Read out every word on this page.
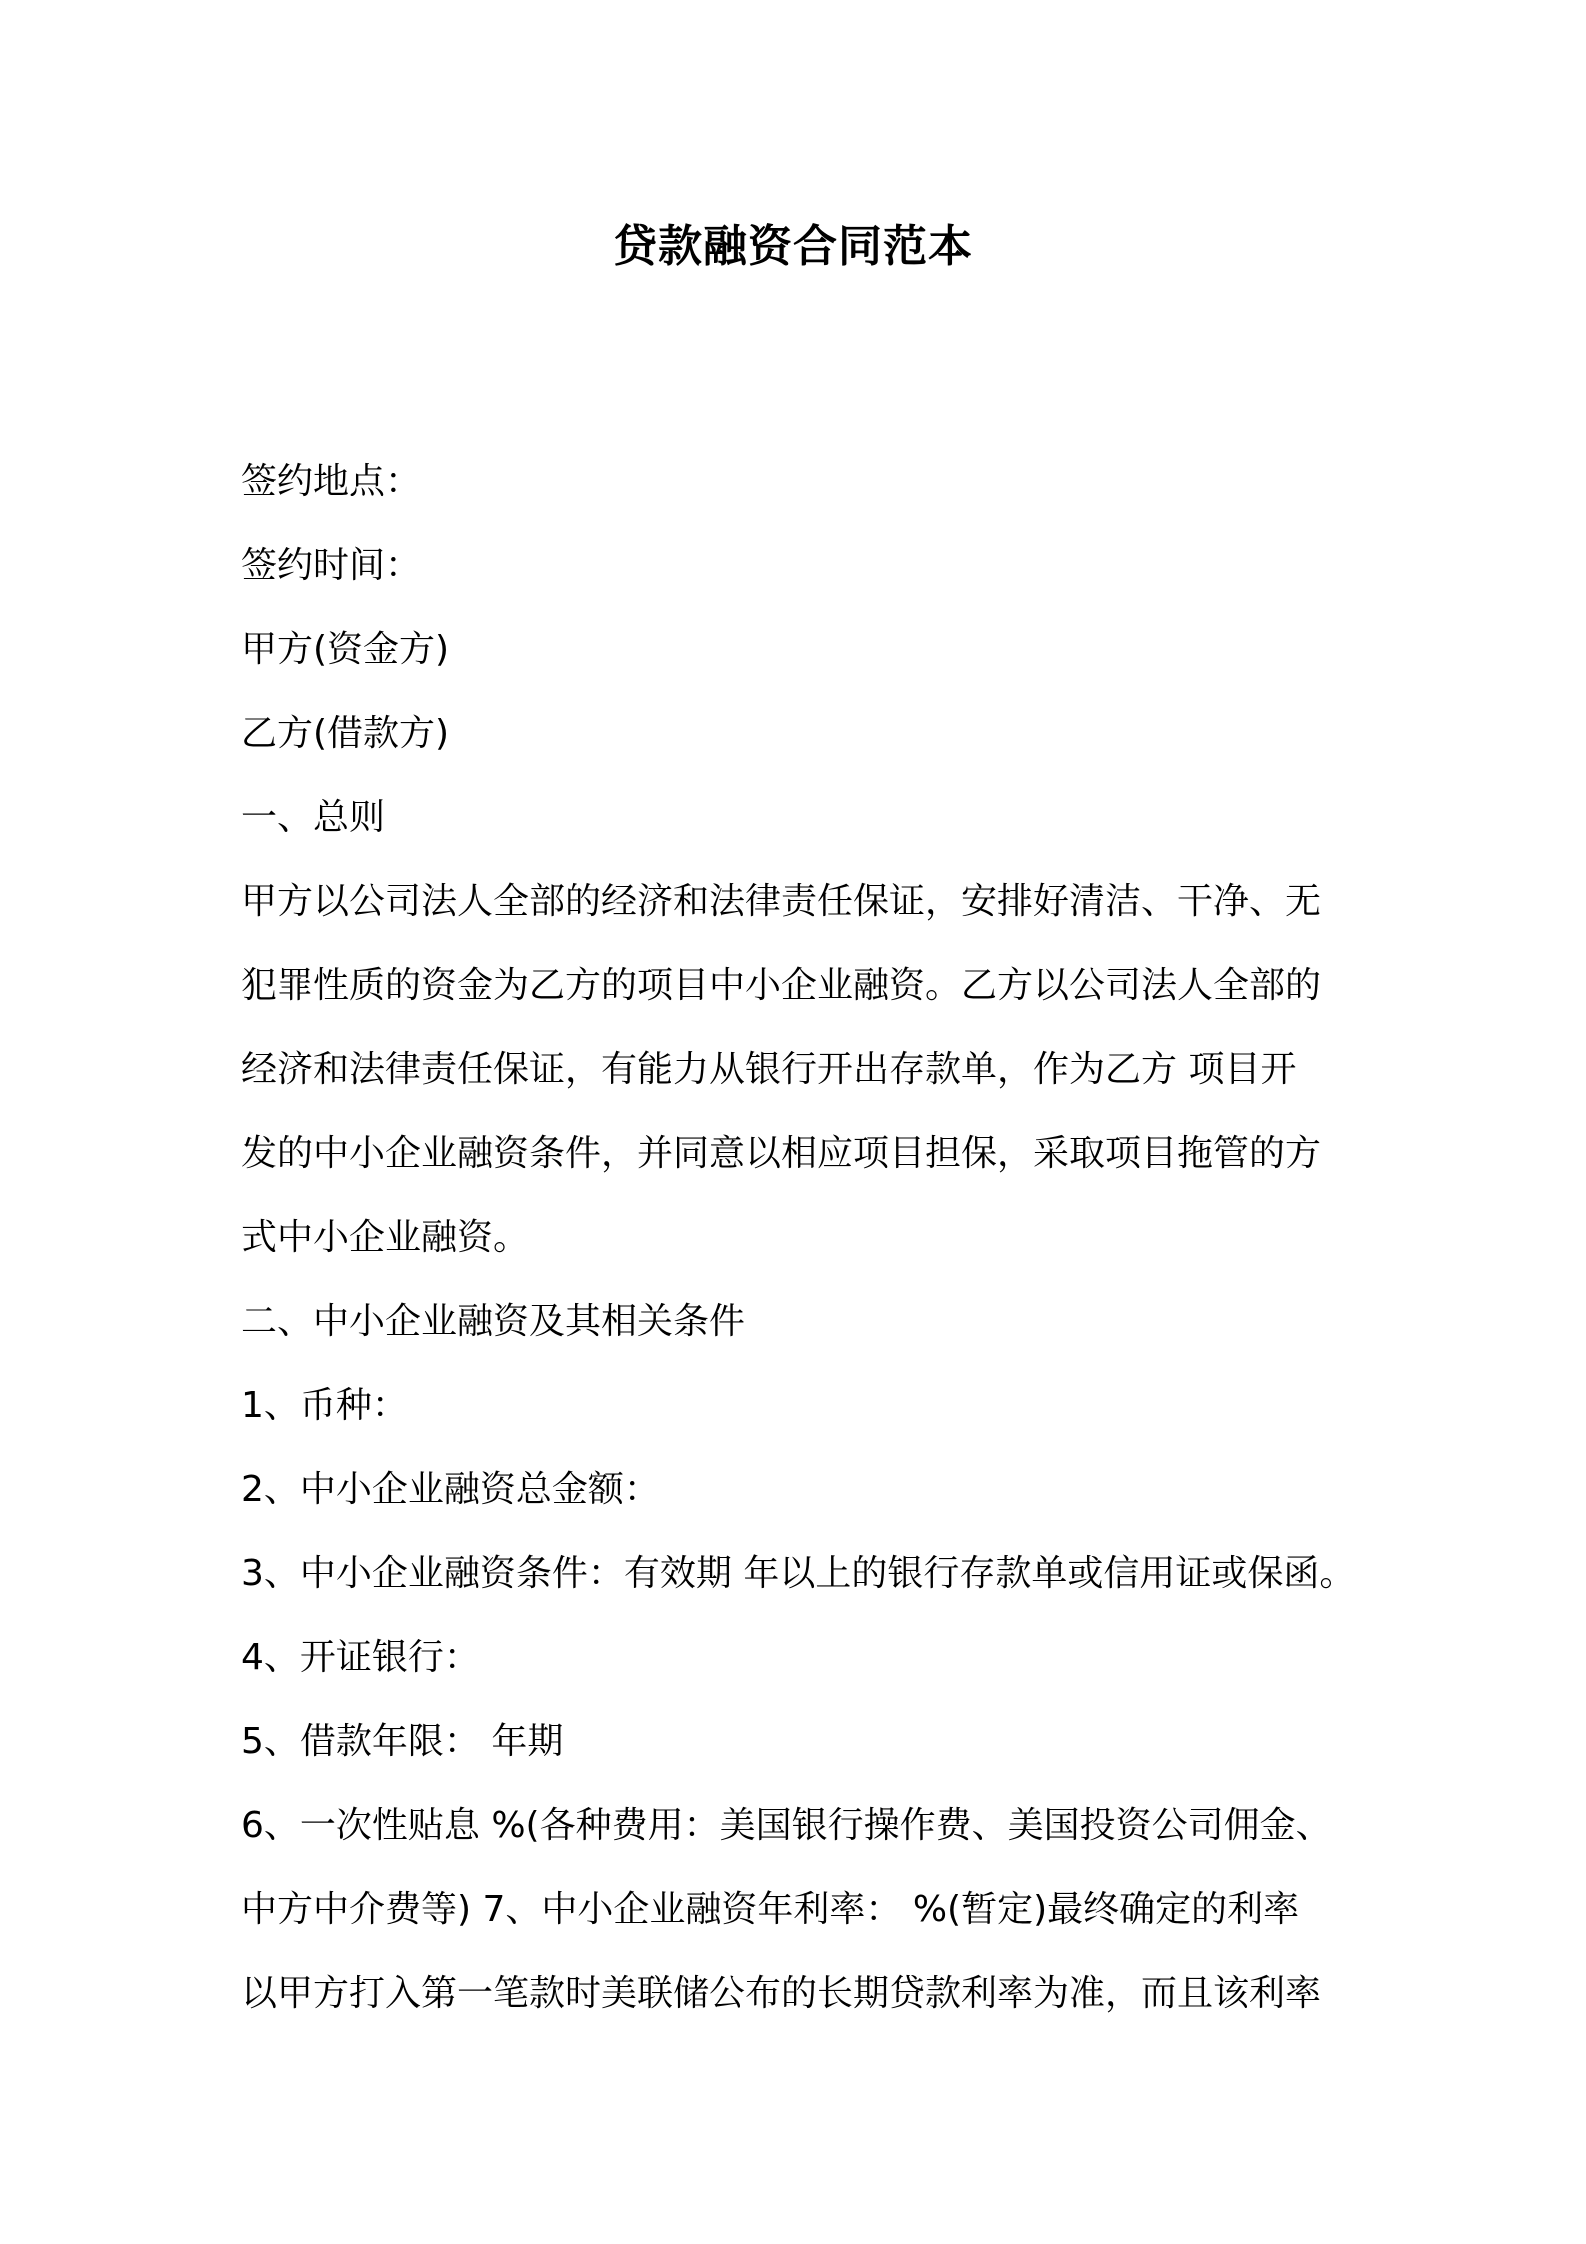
贷款融资合同范本

签约地点：

签约时间：

甲方(资金方)

乙方(借款方)

一、总则

甲方以公司法人全部的经济和法律责任保证，安排好清洁、干净、无

犯罪性质的资金为乙方的项目中小企业融资。乙方以公司法人全部的

经济和法律责任保证，有能力从银行开出存款单，作为乙方 项目开

发的中小企业融资条件，并同意以相应项目担保，采取项目拖管的方

式中小企业融资。

二、中小企业融资及其相关条件

1、币种：

2、中小企业融资总金额：

3、中小企业融资条件：有效期 年以上的银行存款单或信用证或保函。

4、开证银行：

5、借款年限： 年期

6、一次性贴息 %(各种费用：美国银行操作费、美国投资公司佣金、

中方中介费等) 7、中小企业融资年利率： %(暂定)最终确定的利率

以甲方打入第一笔款时美联储公布的长期贷款利率为准，而且该利率
